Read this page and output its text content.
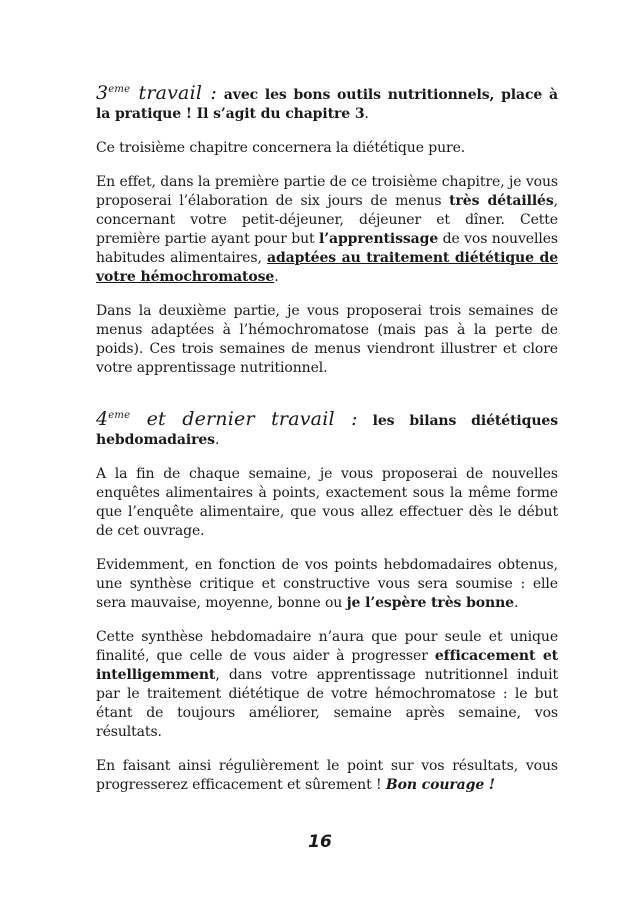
3eme travail : avec les bons outils nutritionnels, place à la pratique ! Il s’agit du chapitre 3.

Ce troisième chapitre concernera la diététique pure.

En effet, dans la première partie de ce troisième chapitre, je vous proposerai l’élaboration de six jours de menus très détaillés, concernant votre petit-déjeuner, déjeuner et dîner. Cette première partie ayant pour but l’apprentissage de vos nouvelles habitudes alimentaires, adaptées au traitement diététique de votre hémochromatose.

Dans la deuxième partie, je vous proposerai trois semaines de menus adaptées à l’hémochromatose (mais pas à la perte de poids). Ces trois semaines de menus viendront illustrer et clore votre apprentissage nutritionnel.

4eme et dernier travail : les bilans diététiques hebdomadaires.

A la fin de chaque semaine, je vous proposerai de nouvelles enquêtes alimentaires à points, exactement sous la même forme que l’enquête alimentaire, que vous allez effectuer dès le début de cet ouvrage.

Evidemment, en fonction de vos points hebdomadaires obtenus, une synthèse critique et constructive vous sera soumise : elle sera mauvaise, moyenne, bonne ou je l’espère très bonne.

Cette synthèse hebdomadaire n’aura que pour seule et unique finalité, que celle de vous aider à progresser efficacement et intelligemment, dans votre apprentissage nutritionnel induit par le traitement diététique de votre hémochromatose : le but étant de toujours améliorer, semaine après semaine, vos résultats.

En faisant ainsi régulièrement le point sur vos résultats, vous progresserez efficacement et sûrement ! Bon courage !

16
